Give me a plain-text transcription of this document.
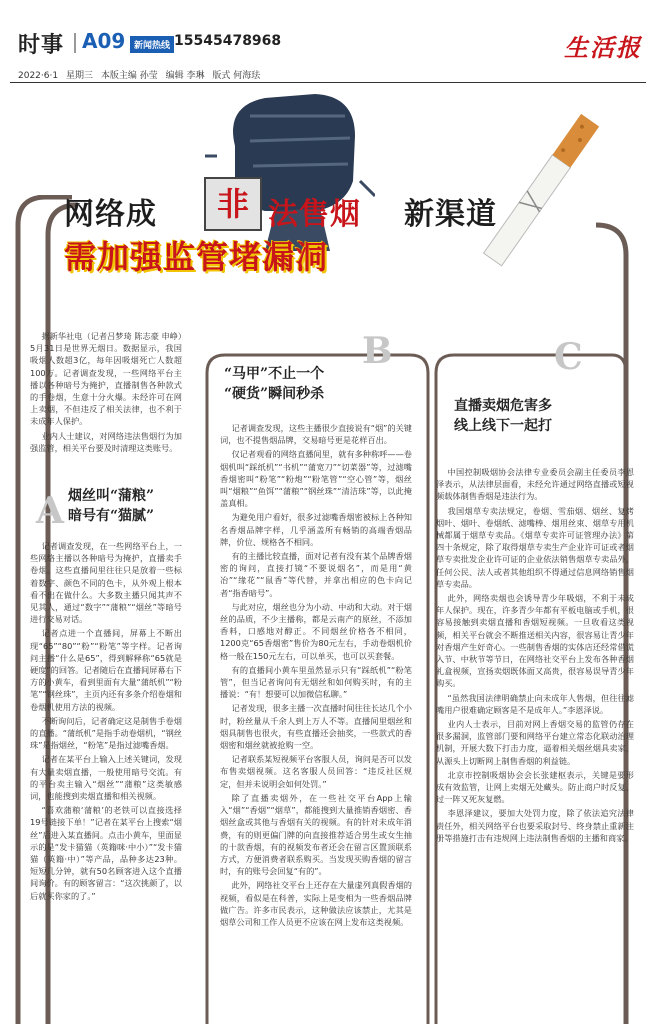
时事 A09 新闻热线 15545478968	生活报
2022·6·1 星期三 本版主编 孙莹 编辑 李琳 版式 何海珐
网络成	非 法售烟 新渠道
需加强监管堵漏洞
A
B	C

据新华社电（记者吕梦琦 陈志豪 申峥）5月31日是世界无烟日。数据显示，我国吸烟人数超3亿，每年因吸烟死亡人数超100万。记者调查发现，一些网络平台主播以各种暗号为掩护，直播制售各种款式的手卷烟，生意十分火爆。未经许可在网上卖烟，不但违反了相关法律，也不利于未成年人保护。

业内人士建议，对网络违法售烟行为加强监管，相关平台要及时清理这类账号。

烟丝叫“蒲粮”
暗号有“猫腻”

记者调查发现，在一些网络平台上，一些网络主播以各种暗号为掩护，直播卖手卷烟。这些直播间里往往只是放着一些标着数字、颜色不同的色卡，从外观上根本看不出在做什么。大多数主播只闻其声不见其人，通过“数字”“蒲粮”“烟丝”等暗号进行交易对话。

记者点进一个直播间，屏幕上不断出现“65”“80”“粉”“粉笔”等字样。记者询问主播“什么是65”，得到解释称“65就是硬度”的回答。记者随后在直播间屏幕右下方的小黄车，看到里面有大量“蒲纸机”“粉笔”“钢丝珠”，主页内还有多条介绍卷烟和卷烟机使用方法的视频。

不断询问后，记者确定这是制售手卷烟的直播。“蒲纸机”是指手动卷烟机，“钢丝珠”是指烟丝，“粉笔”是指过滤嘴香烟。

记者在某平台上输入上述关键词，发现有大量卖烟直播，一般使用暗号交流。有的平台卖主输入“烟丝”“蒲粮”这类敏感词，也能搜到卖烟直播和相关视频。

“喜欢蒲粮‘蒲粮’的老铁可以直接选择19号链接下单！”记者在某平台上搜索“烟丝”后进入某直播间。点击小黄车，里面显示的是“发卡猫猫（英籍咪·中小）”“发卡猫猫（英籍·中）”等产品，品种多达23种。短短几分钟，就有50名顾客进入这个直播间询价。有的顾客留言：“这次挑颜了，以后就买你家的了。”

“马甲”不止一个
“硬货”瞬间秒杀

记者调查发现，这些主播很少直接说有“烟”的关键词，也不提售烟品牌，交易暗号更是花样百出。

仅记者观看的网络直播间里，就有多种称呼——卷烟机叫“踩纸机”“书机”“蒲宽刀”“切菜器”等，过滤嘴香烟密叫“粉笔”“粉炮”“粉笔管”“空心管”等，烟丝叫“烟粮”“鱼饵”“蒲粮”“钢丝珠”“清洁珠”等，以此掩盖真相。

为避免用户看好，很多过滤嘴香烟密被标上各种知名香烟品牌字样，几乎涵盖所有畅销的高端香烟品牌，价位、规格各不相同。

有的主播比较直播，面对记者有没有某个品牌香烟密的询问，直接打镜“不要说烟名”，而是用“黄冶”“缘花”“鼠香”等代替，并拿出相应的色卡向记者“指香暗号”。

与此对应，烟丝也分为小动、中动和大动。对于烟丝的品质，不少主播称，都是云南产的原丝，不添加香料，口感地对醇正。不同烟丝价格各不相同，1200克“65香烟密”售价为80元左右，手动卷烟机价格一般在150元左右，可以单买，也可以买套餐。

有的直播间小黄车里虽然显示只有“踩纸机”“粉笔管”，但当记者询问有无烟丝和如何购买时，有的主播说：“有！想要可以加微信私聊。”

记者发现，很多主播一次直播时间往往长达几个小时，粉丝量从千余人到上万人不等。直播间里烟丝和烟具制售也很火，有些直播还会抽奖，一些款式的香烟密和烟丝就被抢购一空。

记者联系某短视频平台客服人员，询问是否可以发布售卖烟视频。这名客服人员回答：“违反社区规定，但并未说明会如何处罚。”

除了直播卖烟外，在一些社交平台App上输入“烟”“香烟”“烟草”，都能搜到大量推销香烟密、香烟丝盒或其他与香烟有关的视频。有的针对未成年消费，有的则更偏门牌的向直接推荐适合男生或女生抽的十款香烟，有的视频发布者还会在留言区置顶联系方式，方便消费者联系购买。当发现买购香烟的留言时，有的账号会回复“有的”。

此外，网络社交平台上还存在大量虚列真假香烟的视频，看似是在科普，实际上是变相为一些香烟品牌做广告。许多市民表示，这种做法应该禁止，尤其是烟草公司和工作人员更不应该在网上发布这类视频。

直播卖烟危害多
线上线下一起打

中国控制吸烟协会法律专业委员会副主任委员李恩泽表示，从法律层面看，未经允许通过网络直播或短视频载体制售香烟是违法行为。

我国烟草专卖法规定，卷烟、雪茄烟、烟丝、复烤烟叶、烟叶、卷烟纸、滤嘴棒、烟用丝束、烟草专用机械都属于烟草专卖品。《烟草专卖许可证管理办法》第四十条规定，除了取得烟草专卖生产企业许可证或者烟草专卖批发企业许可证的企业依法销售烟草专卖品外，任何公民、法人或者其他组织不得通过信息网络销售烟草专卖品。

此外，网络卖烟也会诱导青少年吸烟，不利于未成年人保护。现在，许多青少年都有平板电脑或手机，很容易接触到卖烟直播和香烟短视频。一旦收看这类视频，相关平台就会不断推送相关内容，很容易让青少年对香烟产生好奇心。一些制售香烟的实体店还经常借谎入节、中秋节等节日，在网络社交平台上发布各种香烟礼盒视频，宣扬卖烟既体面又高贵，很容易误导青少年购买。

“虽然我国法律明确禁止向未成年人售烟，但往往滤嘴用户很难确定顾客是不是成年人。”李恩泽说。

业内人士表示，目前对网上香烟交易的监管仍存在很多漏洞，监管部门要和网络平台建立常态化联动治理机制，开展大数下打击力度，逼着相关烟丝烟具卖家，从源头上切断网上制售香烟的利益链。

北京市控制吸烟协会会长张建枢表示，关键是要形成有效监管，让网上卖烟无处藏头。防止商户时反复、过一阵又死灰复燃。

李恩泽建议，要加大处罚力度，除了依法追究法律责任外，相关网络平台也要采取封号、终身禁止重新注册等措施打击有违规网上违法制售香烟的主播和商家。
